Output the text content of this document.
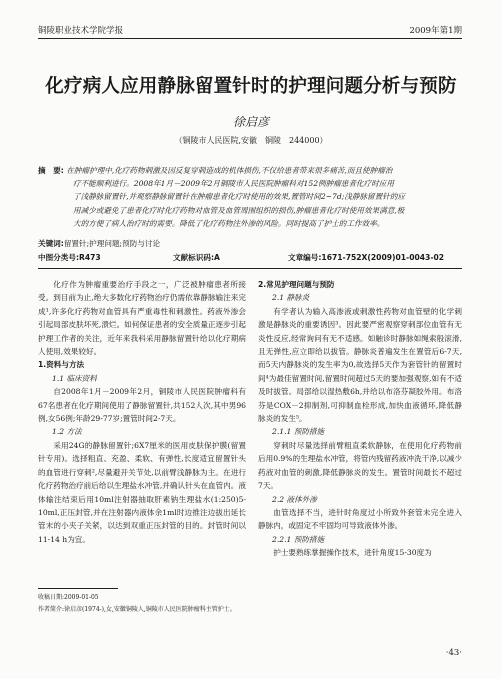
铜陵职业技术学院学报	2009年第1期
化疗病人应用静脉留置针时的护理问题分析与预防
徐启彦
（铜陵市人民医院,安徽　铜陵　244000）

摘　要: 在肿瘤护理中,化疗药物刺激及因反复穿刺造成的机体损伤,不仅给患者带来很多痛苦,而且使肿瘤治

疗不能顺利进行。2008年1月－2009年2月铜陵市人民医院肿瘤科对152例肿瘤患者化疗时应用

了浅静脉留置针,并观察静脉留置针在肿瘤患者化疗时使用的效果,置管时间2~7d;浅静脉留置针的应

用减少或避免了患者化疗时化疗药物对血管及血管周围组织的损伤,肿瘤患者化疗时使用效果满意,极

大的方便了病人治疗时的需要。降低了化疗药物注外渗的风险。同时提高了护士的工作效率。

关键词:留置针;护理问题;预防与讨论
中图分类号:R473	文献标识码:A	文章编号:1671-752X(2009)01-0043-02

化疗作为肿瘤重要治疗手段之一，广泛被肿瘤患者所接受。到目前为止,绝大多数化疗药物治疗仍需依靠静脉输注来完成¹,许多化疗药物对血管具有严重毒性和刺激性。药液外渗会引起局部皮肤坏死,溃烂。如何保证患者的安全质量正逐步引起护理工作者的关注，近年来我科采用静脉留置针给以化疗期病人使用,效果较好。

1.资料与方法

1.1 临床资料

自2008年1月－2009年2月，铜陵市人民医院肿瘤科有67名患者在化疗期间使用了静脉留置针,共152人次,其中男96例,女56例;年龄29-77岁;置管时间2-7天。

1.2 方法

采用24G的静脉留置针;6X7厘米的医用皮肤保护膜(留置针专用)。选择粗直、充盈、柔软、有弹性,长度适宜留置针头的血管进行穿刺²,尽量避开关节处,以前臂浅静脉为主。在进行化疗药物治疗前后给以生理盐水冲管,并确认针头在血管内。液体输注结束后用10ml注射器抽取肝素钠生理盐水(1:250)5-10ml,正压封管,并在注射器内液体余1ml时边推注边拔出延长管末的小夹子关紧，以达到双重正压封管的目的。封管时间以11-14 h为宜。

2.常见护理问题与预防

2.1 静脉炎

有学者认为输入高渗液或刺激性药物对血管壁的化学刺激是静脉炎的重要诱因³。因此要严密观察穿刺部位血管有无炎性反应,经常询问有无不适感。如触诊时静脉如绳索般滚滑,且无弹性,应立即给以拔管。静脉炎普遍发生在置管后6-7天,而5天内静脉炎的发生率为0,故选择5天作为套管针的留置时间⁴为最佳留置时间,留置时间超过5天的要加强观察,如有不适及时拔管。局部给以湿热敷6h,并给以布洛芬凝胶外用。布洛芬是COX－2抑制剂,可抑制血栓形成,加快血液循环,降低静脉炎的发生⁵。

2.1.1 预防措施

穿刺时尽量选择前臂粗直柔软静脉，在使用化疗药物前后用0.9%的生理盐水冲管，将管内残留药液冲洗干净,以减少药液对血管的刺激,降低静脉炎的发生。置管时间最长不超过7天。

2.2 液体外渗

血管选择不当，进针时角度过小所致外套管未完全进入静脉内，或固定不牢固均可导致液体外渗。

2.2.1 预防措施

护士要熟练掌握操作技术，进针角度15-30度为

收稿日期:2009-01-05
作者简介:徐启彦(1974-),女,安徽铜陵人,铜陵市人民医院肿瘤科主管护士。
·43·
